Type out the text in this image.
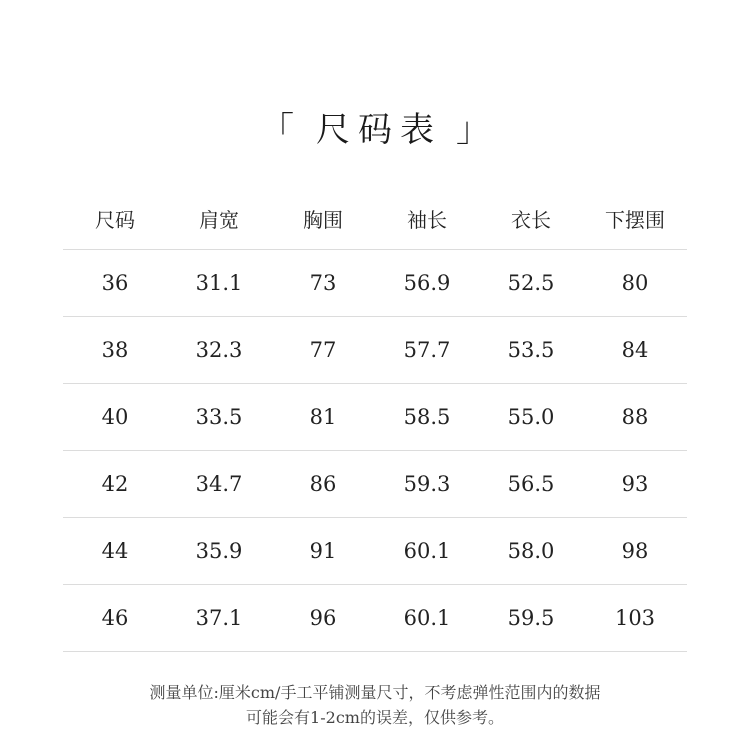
「 尺码表 」
尺码	肩宽	胸围	袖长	衣长	下摆围
36	31.1	73	56.9	52.5	80
38	32.3	77	57.7	53.5	84
40	33.5	81	58.5	55.0	88
42	34.7	86	59.3	56.5	93
44	35.9	91	60.1	58.0	98
46	37.1	96	60.1	59.5	103
测量单位:厘米cm/手工平铺测量尺寸，不考虑弹性范围内的数据
可能会有1-2cm的误差，仅供参考。
